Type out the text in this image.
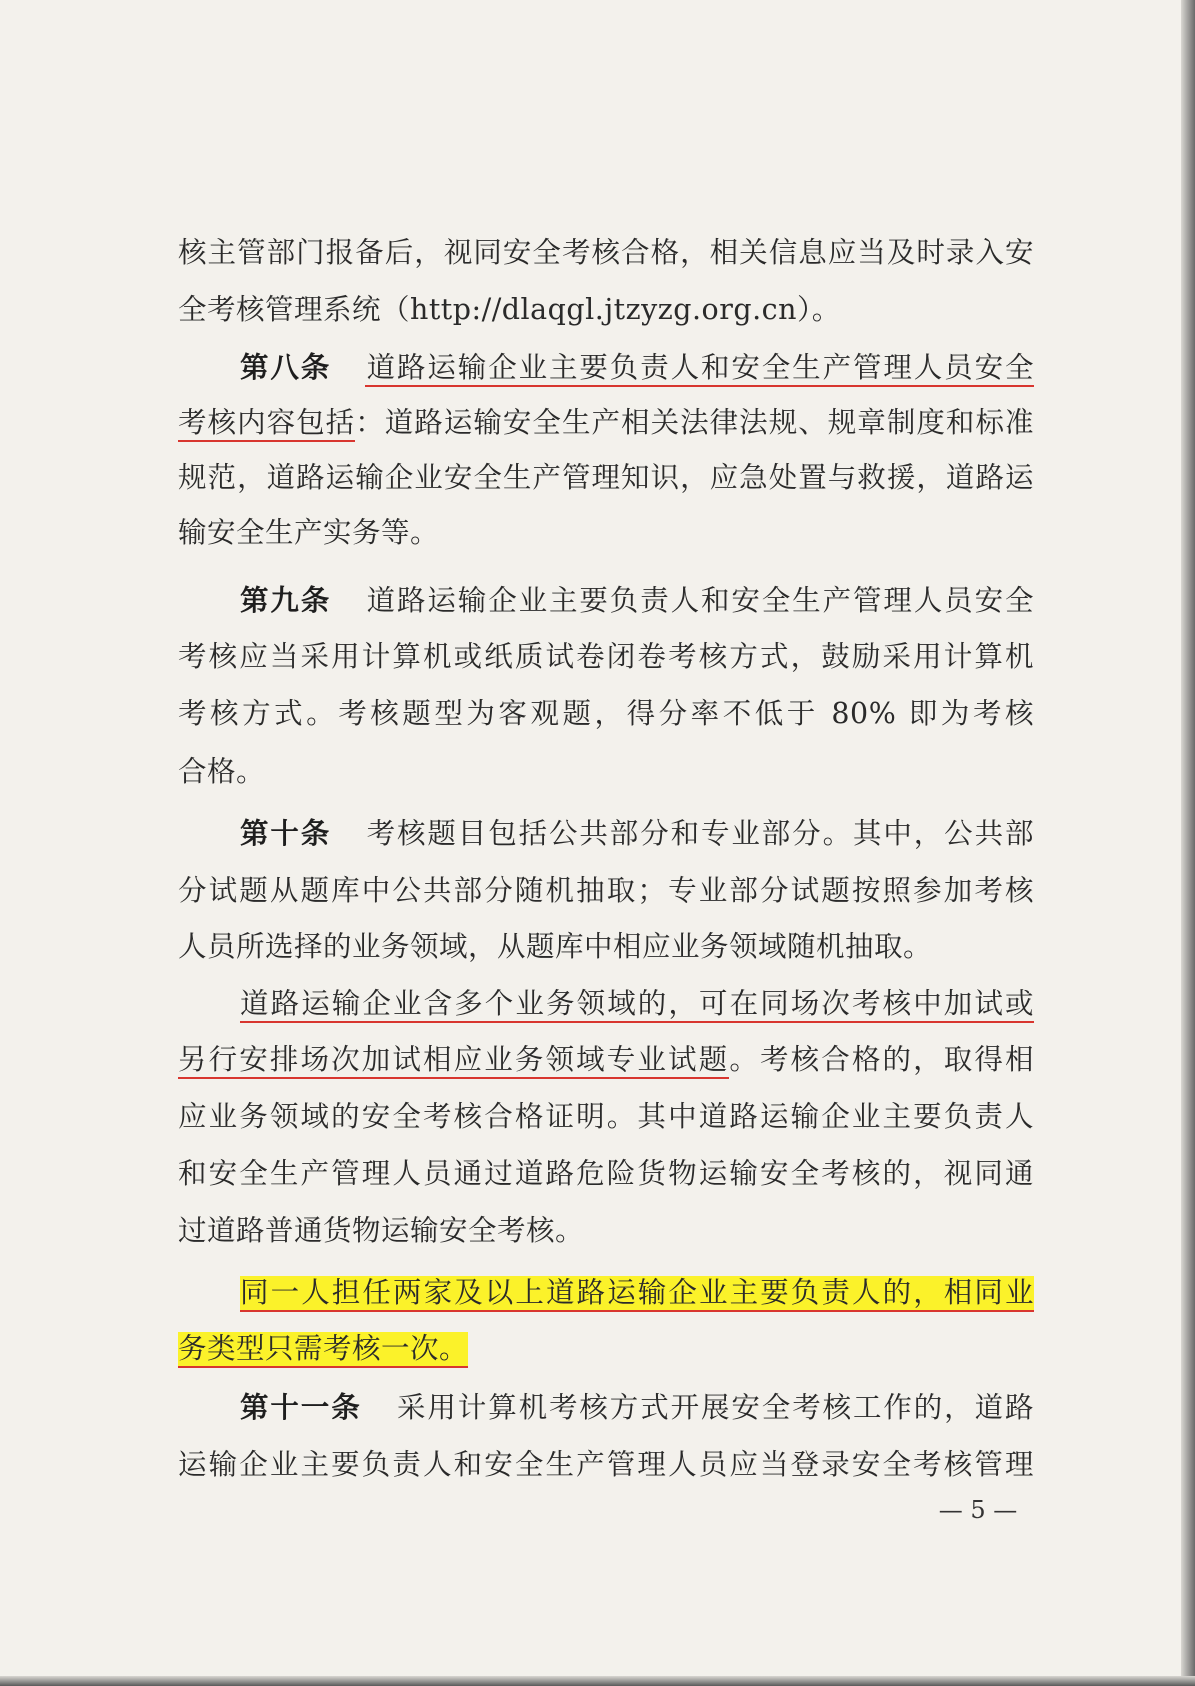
核主管部门报备后，视同安全考核合格，相关信息应当及时录入安
全考核管理系统（http://dlaqgl.jtzyzg.org.cn）。
第八条 道路运输企业主要负责人和安全生产管理人员安全
考核内容包括：道路运输安全生产相关法律法规、规章制度和标准
规范，道路运输企业安全生产管理知识，应急处置与救援，道路运
输安全生产实务等。
第九条 道路运输企业主要负责人和安全生产管理人员安全
考核应当采用计算机或纸质试卷闭卷考核方式，鼓励采用计算机
考核方式。考核题型为客观题，得分率不低于 80% 即为考核
合格。
第十条 考核题目包括公共部分和专业部分。其中，公共部
分试题从题库中公共部分随机抽取；专业部分试题按照参加考核
人员所选择的业务领域，从题库中相应业务领域随机抽取。
道路运输企业含多个业务领域的，可在同场次考核中加试或
另行安排场次加试相应业务领域专业试题。考核合格的，取得相
应业务领域的安全考核合格证明。其中道路运输企业主要负责人
和安全生产管理人员通过道路危险货物运输安全考核的，视同通
过道路普通货物运输安全考核。
同一人担任两家及以上道路运输企业主要负责人的，相同业
务类型只需考核一次。
第十一条 采用计算机考核方式开展安全考核工作的，道路
运输企业主要负责人和安全生产管理人员应当登录安全考核管理
— 5 —
